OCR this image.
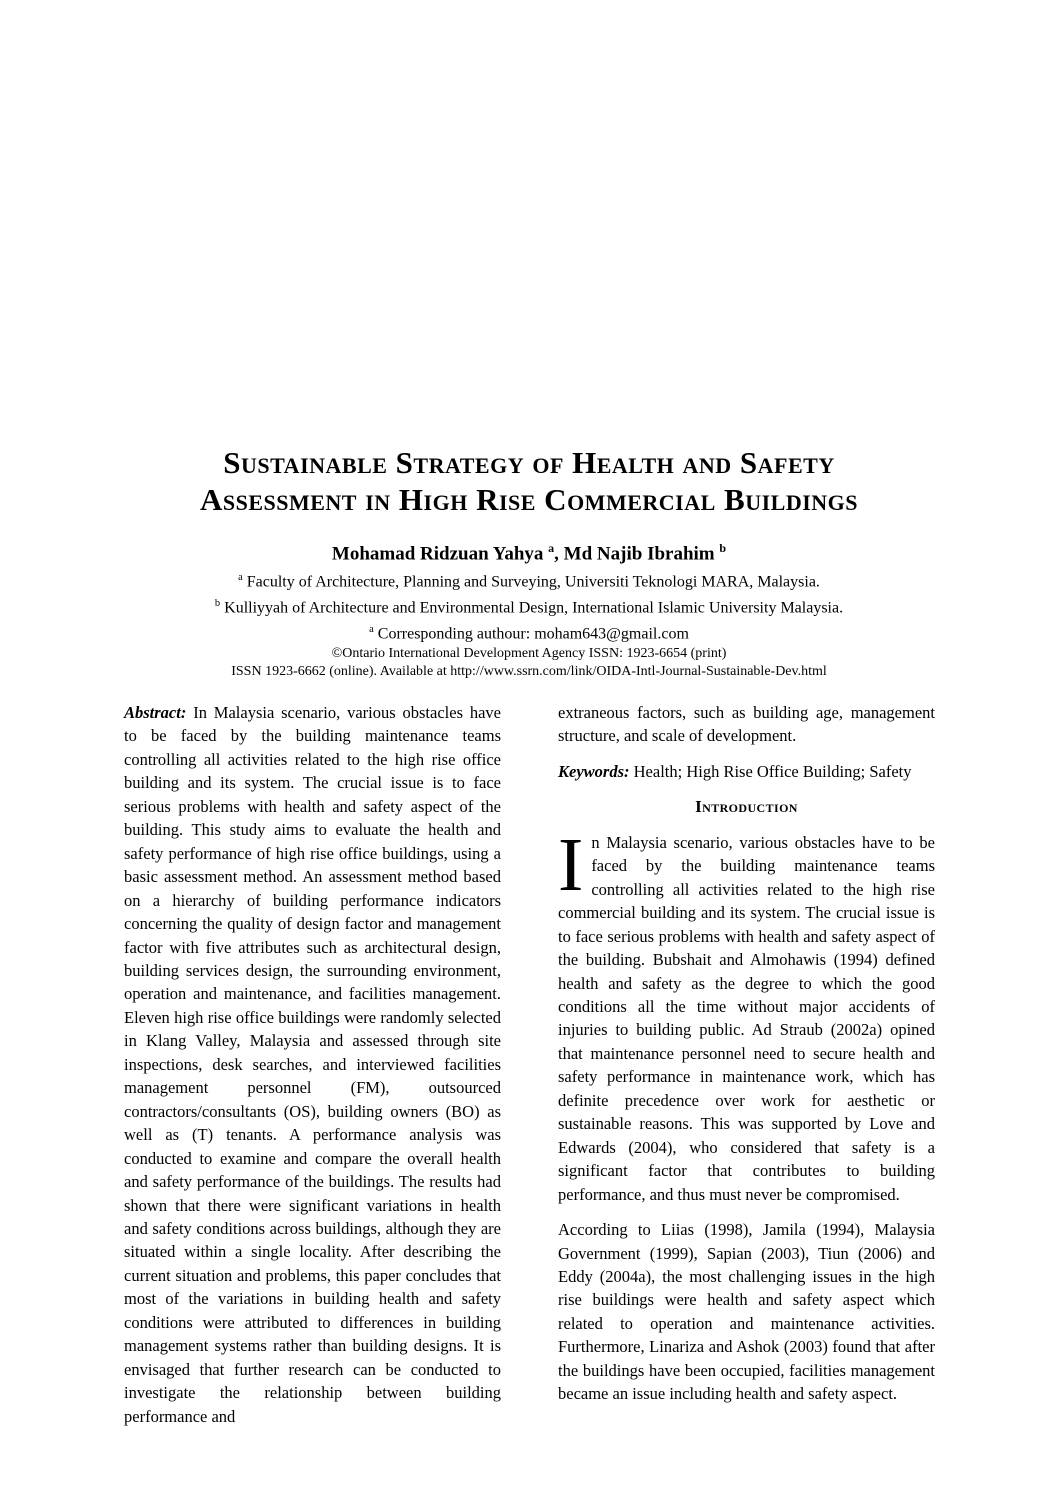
Sustainable Strategy of Health and Safety
Assessment in High Rise Commercial Buildings
Mohamad Ridzuan Yahya $^a$, Md Najib Ibrahim $^b$
$^a$ Faculty of Architecture, Planning and Surveying, Universiti Teknologi MARA, Malaysia.
$^b$ Kulliyyah of Architecture and Environmental Design, International Islamic University Malaysia.
$^a$ Corresponding authour: moham643@gmail.com
©Ontario International Development Agency ISSN: 1923-6654 (print)
ISSN 1923-6662 (online). Available at http://www.ssrn.com/link/OIDA-Intl-Journal-Sustainable-Dev.html

Abstract: In Malaysia scenario, various obstacles have to be faced by the building maintenance teams controlling all activities related to the high rise office building and its system. The crucial issue is to face serious problems with health and safety aspect of the building. This study aims to evaluate the health and safety performance of high rise office buildings, using a basic assessment method. An assessment method based on a hierarchy of building performance indicators concerning the quality of design factor and management factor with five attributes such as architectural design, building services design, the surrounding environment, operation and maintenance, and facilities management. Eleven high rise office buildings were randomly selected in Klang Valley, Malaysia and assessed through site inspections, desk searches, and interviewed facilities management personnel (FM), outsourced contractors/consultants (OS), building owners (BO) as well as (T) tenants. A performance analysis was conducted to examine and compare the overall health and safety performance of the buildings. The results had shown that there were significant variations in health and safety conditions across buildings, although they are situated within a single locality. After describing the current situation and problems, this paper concludes that most of the variations in building health and safety conditions were attributed to differences in building management systems rather than building designs. It is envisaged that further research can be conducted to investigate the relationship between building performance and

extraneous factors, such as building age, management structure, and scale of development.

Keywords: Health; High Rise Office Building; Safety

Introduction

In Malaysia scenario, various obstacles have to be faced by the building maintenance teams controlling all activities related to the high rise commercial building and its system. The crucial issue is to face serious problems with health and safety aspect of the building. Bubshait and Almohawis (1994) defined health and safety as the degree to which the good conditions all the time without major accidents of injuries to building public. Ad Straub (2002a) opined that maintenance personnel need to secure health and safety performance in maintenance work, which has definite precedence over work for aesthetic or sustainable reasons. This was supported by Love and Edwards (2004), who considered that safety is a significant factor that contributes to building performance, and thus must never be compromised.

According to Liias (1998), Jamila (1994), Malaysia Government (1999), Sapian (2003), Tiun (2006) and Eddy (2004a), the most challenging issues in the high rise buildings were health and safety aspect which related to operation and maintenance activities. Furthermore, Linariza and Ashok (2003) found that after the buildings have been occupied, facilities management became an issue including health and safety aspect.
